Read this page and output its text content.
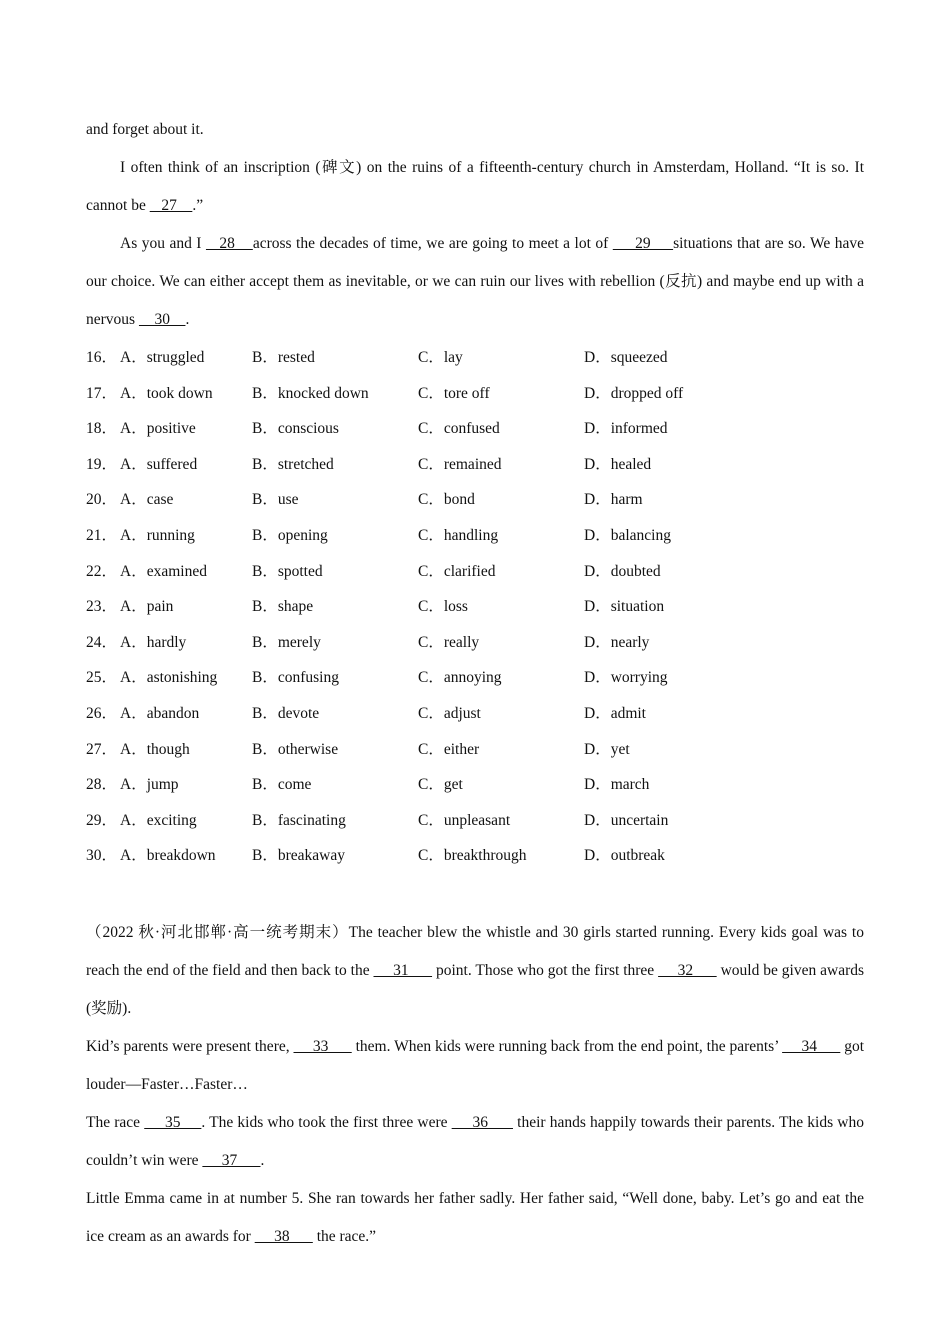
and forget about it.

I often think of an inscription (碑文) on the ruins of a fifteenth-century church in Amsterdam, Holland. “It is so. It cannot be    27    .”

As you and I    28    across the decades of time, we are going to meet a lot of      29     situations that are so. We have our choice. We can either accept them as inevitable, or we can ruin our lives with rebellion (反抗) and maybe end up with a nervous     30    .

16． A．struggled	B．rested	C．lay	D．squeezed
17． A．took down	B．knocked down	C．tore off	D．dropped off
18． A．positive	B．conscious	C．confused	D．informed
19． A．suffered	B．stretched	C．remained	D．healed
20． A．case	B．use	C．bond	D．harm
21． A．running	B．opening	C．handling	D．balancing
22． A．examined	B．spotted	C．clarified	D．doubted
23． A．pain	B．shape	C．loss	D．situation
24． A．hardly	B．merely	C．really	D．nearly
25． A．astonishing B．confusing	C．annoying	D．worrying
26． A．abandon	B．devote	C．adjust	D．admit
27． A．though	B．otherwise	C．either	D．yet
28． A．jump	B．come	C．get	D．march
29． A．exciting	B．fascinating	C．unpleasant	D．uncertain
30． A．breakdown B．breakaway	C．breakthrough	D．outbreak

（2022 秋·河北邯郸·高一统考期末）The teacher blew the whistle and 30 girls started running. Every kids goal was to reach the end of the field and then back to the      31       point. Those who got the first three      32       would be given awards (奖励).

Kid’s parents were present there,      33       them. When kids were running back from the end point, the parents’      34       got louder—Faster…Faster…

The race      35     . The kids who took the first three were      36       their hands happily towards their parents. The kids who couldn’t win were      37      .

Little Emma came in at number 5. She ran towards her father sadly. Her father said, “Well done, baby. Let’s go and eat the ice cream as an awards for      38       the race.”
